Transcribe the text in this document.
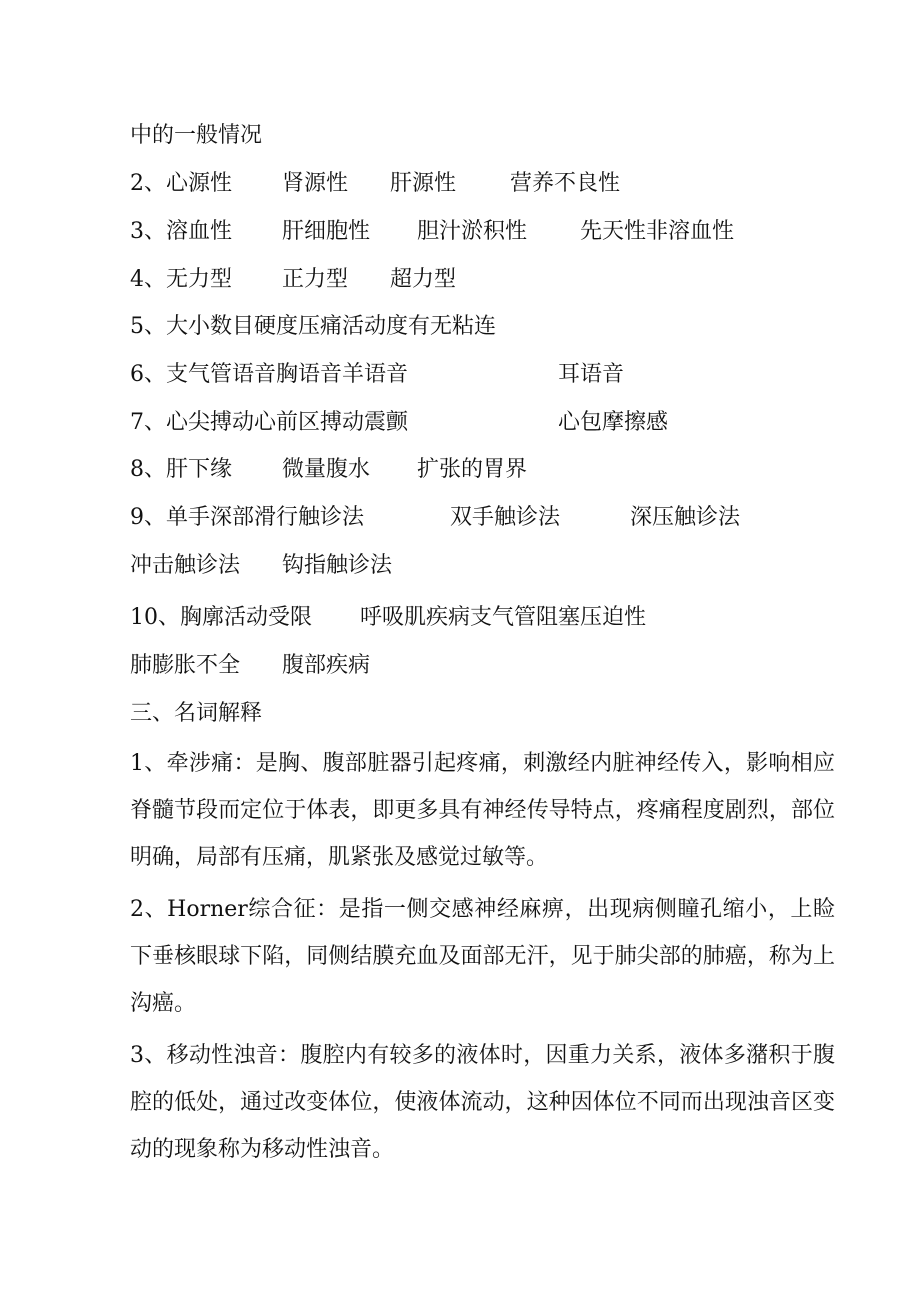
中的一般情况
2、心源性 肾源性 肝源性 营养不良性
3、溶血性 肝细胞性 胆汁淤积性 先天性非溶血性
4、无力型 正力型 超力型
5、大小数目硬度压痛活动度有无粘连
6、支气管语音胸语音羊语音	耳语音
7、心尖搏动心前区搏动震颤	心包摩擦感
8、肝下缘 微量腹水 扩张的胃界
9、单手深部滑行触诊法	双手触诊法	深压触诊法
冲击触诊法 钩指触诊法
10、胸廓活动受限 呼吸肌疾病支气管阻塞压迫性
肺膨胀不全 腹部疾病
三、名词解释
1、牵涉痛：是胸、腹部脏器引起疼痛，刺激经内脏神经传入，影响相应脊髓节段而定位于体表，即更多具有神经传导特点，疼痛程度剧烈，部位明确，局部有压痛，肌紧张及感觉过敏等。
2、Horner综合征：是指一侧交感神经麻痹，出现病侧瞳孔缩小，上睑下垂核眼球下陷，同侧结膜充血及面部无汗，见于肺尖部的肺癌，称为上沟癌。
3、移动性浊音：腹腔内有较多的液体时，因重力关系，液体多潴积于腹腔的低处，通过改变体位，使液体流动，这种因体位不同而出现浊音区变动的现象称为移动性浊音。
